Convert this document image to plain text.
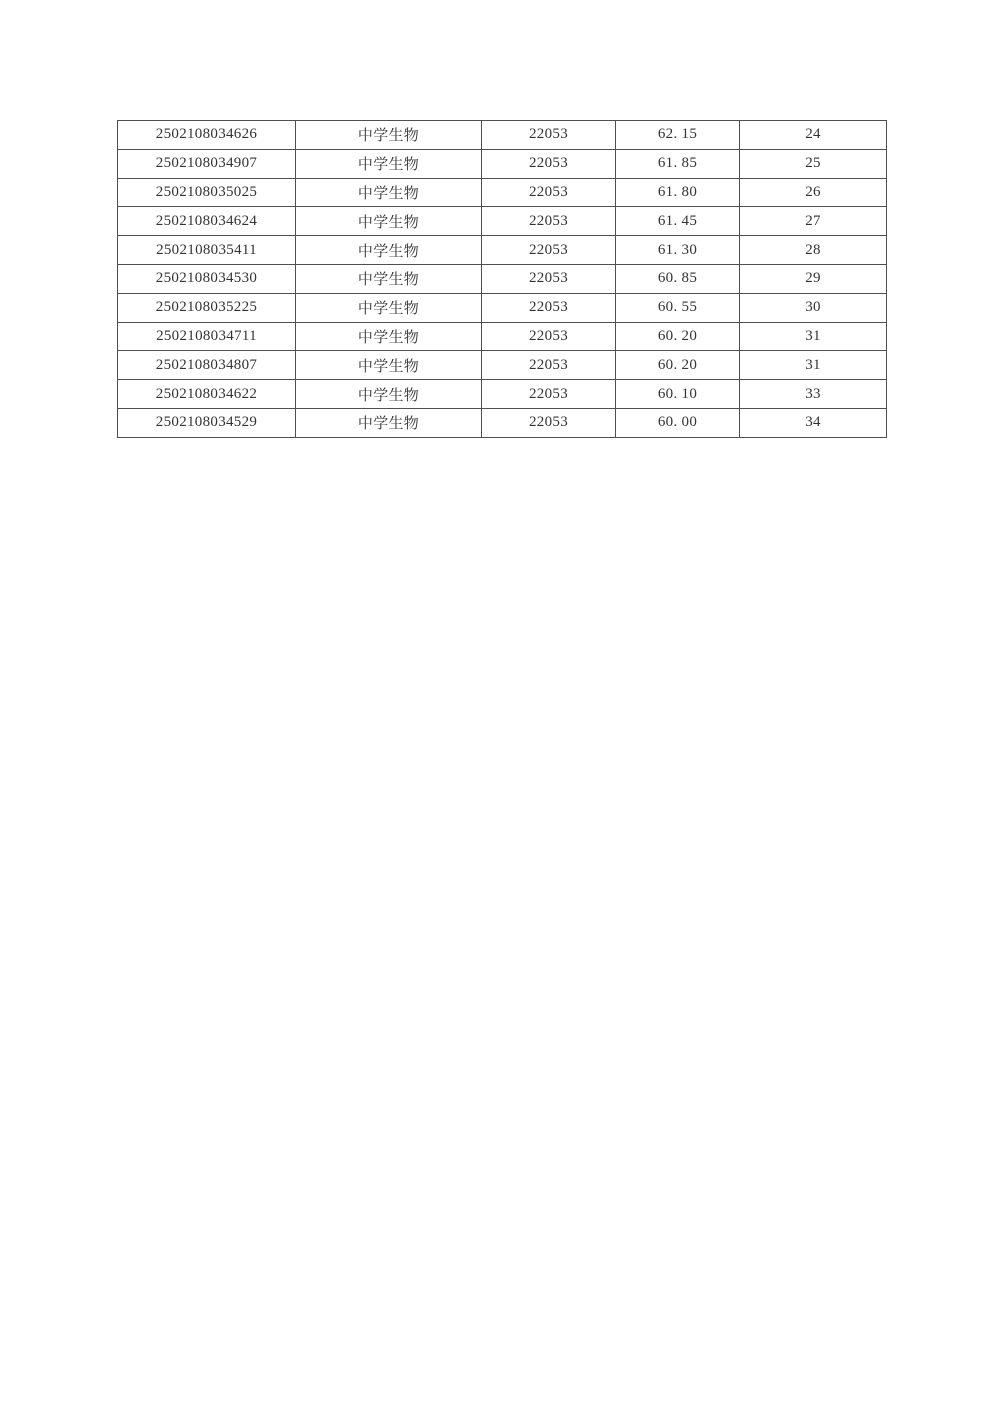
2502108034626	中学生物	22053	62. 15	24
2502108034907	中学生物	22053	61. 85	25
2502108035025	中学生物	22053	61. 80	26
2502108034624	中学生物	22053	61. 45	27
2502108035411	中学生物	22053	61. 30	28
2502108034530	中学生物	22053	60. 85	29
2502108035225	中学生物	22053	60. 55	30
2502108034711	中学生物	22053	60. 20	31
2502108034807	中学生物	22053	60. 20	31
2502108034622	中学生物	22053	60. 10	33
2502108034529	中学生物	22053	60. 00	34
